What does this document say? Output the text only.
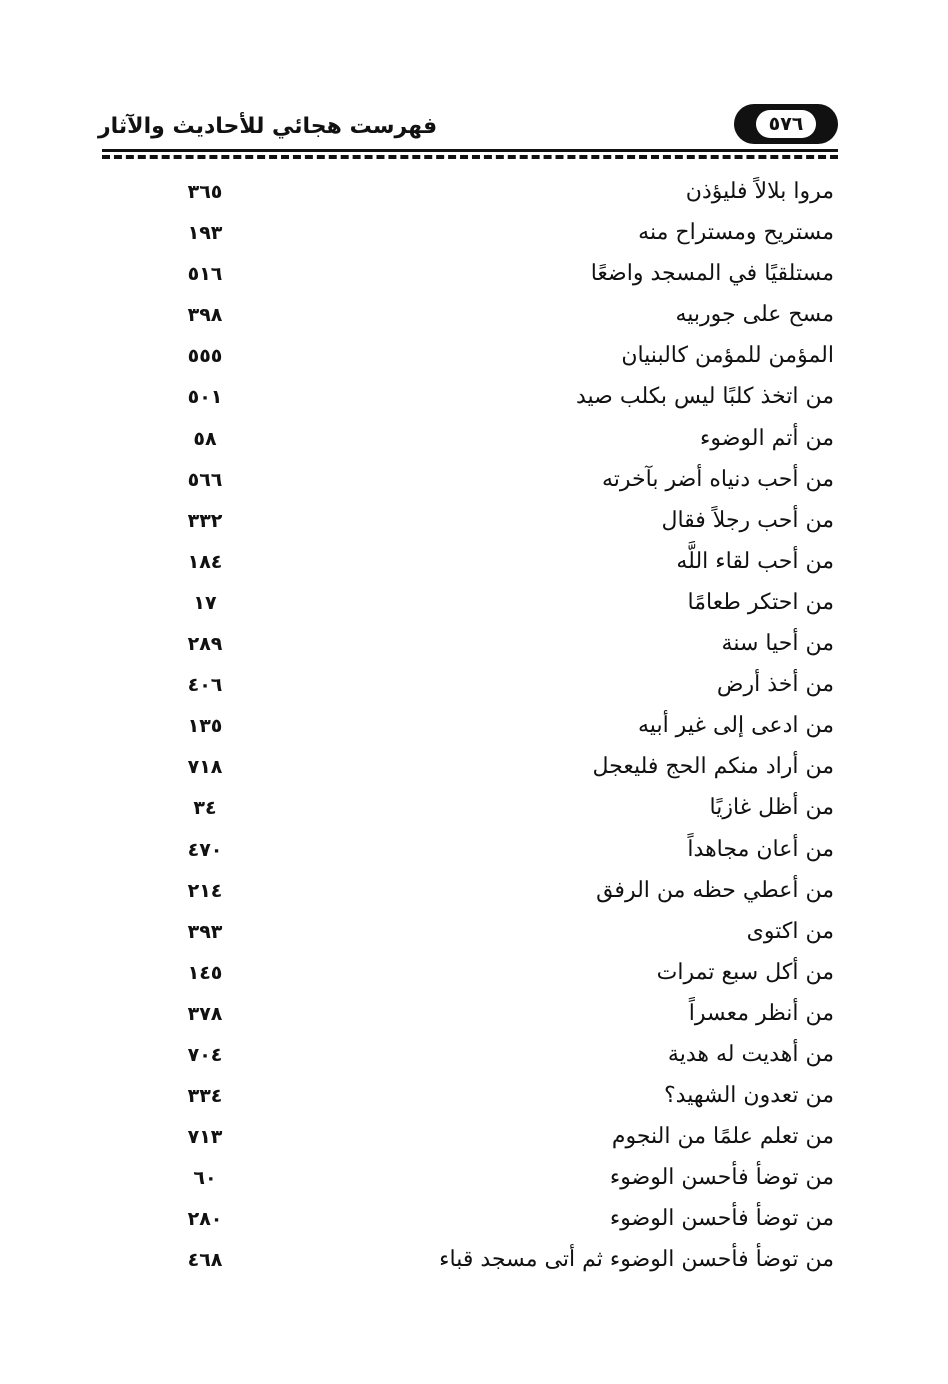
فهرست هجائي للأحاديث والآثار	٥٧٦
مروا بلالاً فليؤذن
٣٦٥
مستريح ومستراح منه
١٩٣
مستلقيًا في المسجد واضعًا
٥١٦
مسح على جوربيه
٣٩٨
المؤمن للمؤمن كالبنيان
٥٥٥
من اتخذ كلبًا ليس بكلب صيد
٥٠١
من أتم الوضوء
٥٨
من أحب دنياه أضر بآخرته
٥٦٦
من أحب رجلاً فقال
٣٣٢
من أحب لقاء اللَّه
١٨٤
من احتكر طعامًا
١٧
من أحيا سنة
٢٨٩
من أخذ أرض
٤٠٦
من ادعى إلى غير أبيه
١٣٥
من أراد منكم الحج فليعجل
٧١٨
من أظل غازيًا
٣٤
من أعان مجاهداً
٤٧٠
من أعطي حظه من الرفق
٢١٤
من اكتوى
٣٩٣
من أكل سبع تمرات
١٤٥
من أنظر معسراً
٣٧٨
من أهديت له هدية
٧٠٤
من تعدون الشهيد؟
٣٣٤
من تعلم علمًا من النجوم
٧١٣
من توضأ فأحسن الوضوء
٦٠
من توضأ فأحسن الوضوء
٢٨٠
من توضأ فأحسن الوضوء ثم أتى مسجد قباء
٤٦٨
